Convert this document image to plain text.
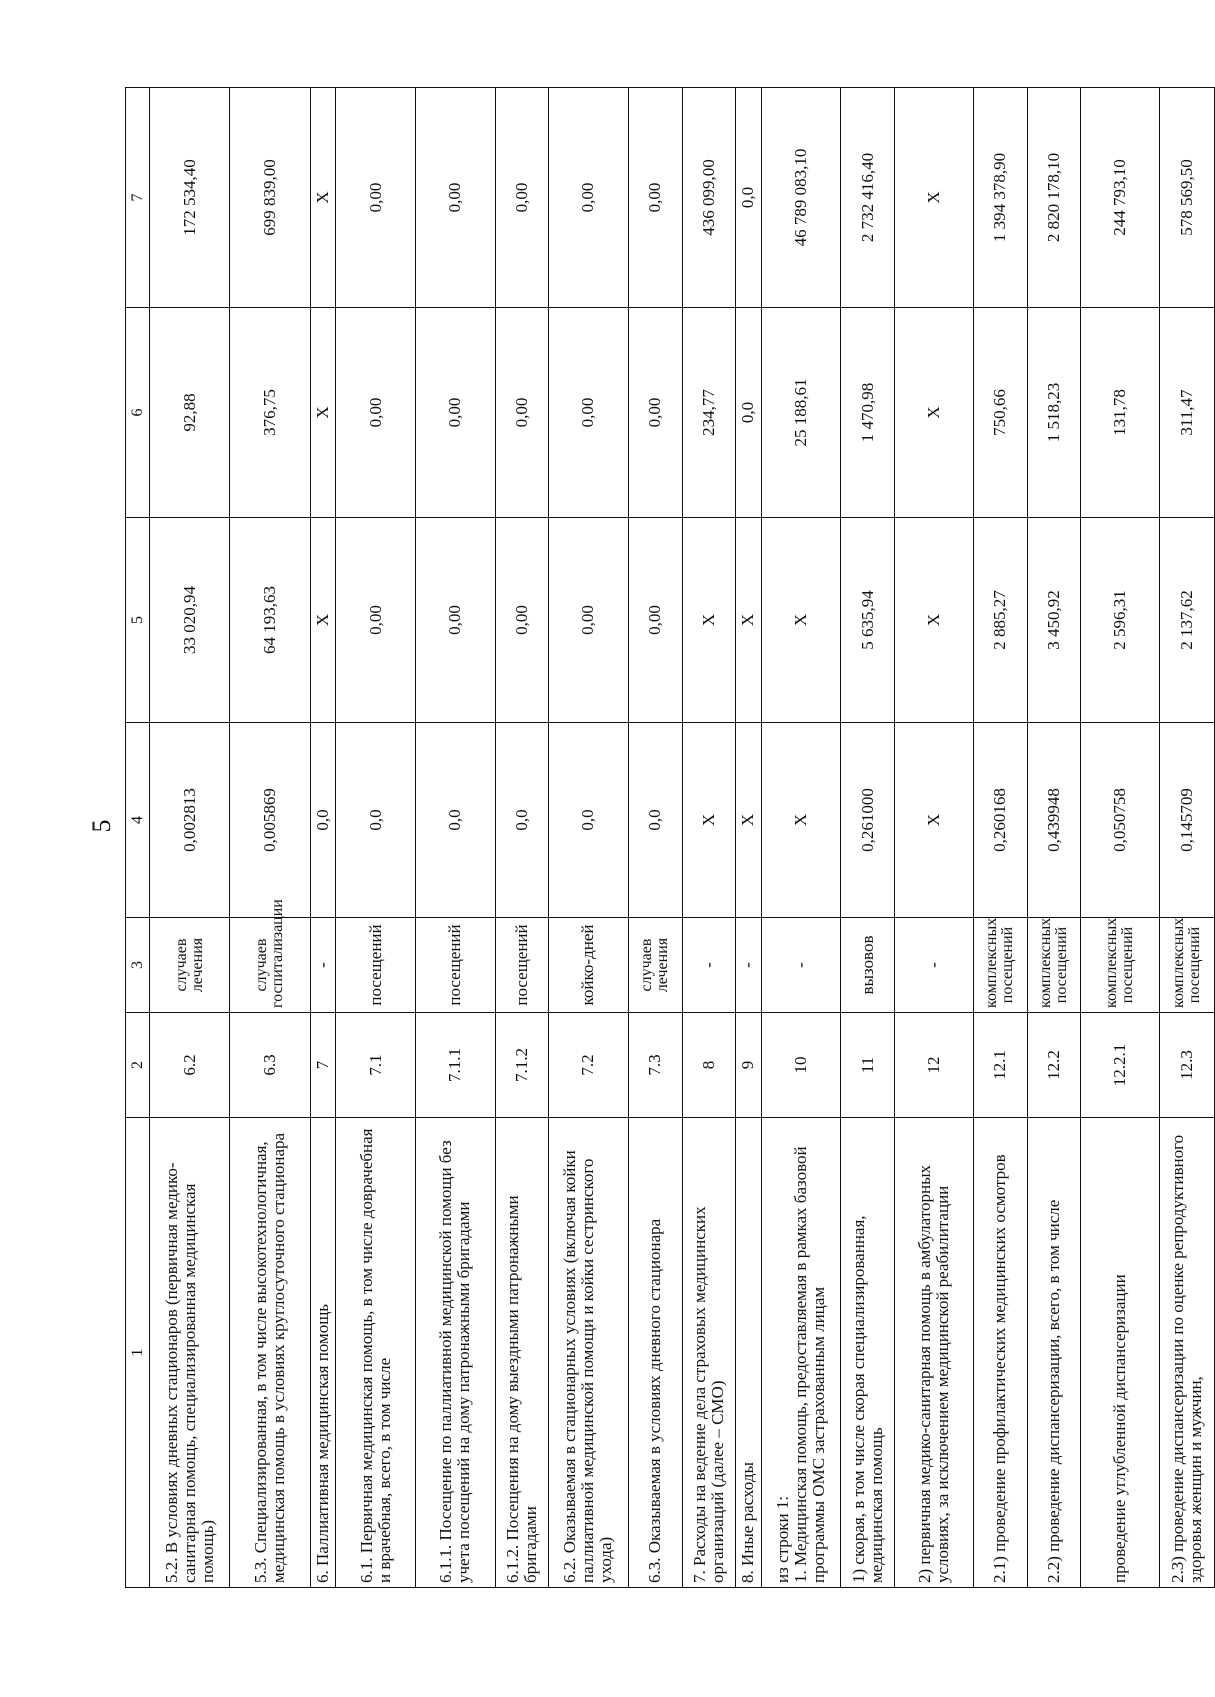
5
1	2	3	4	5	6	7
5.2. В условиях дневных стационаров (первичная медико-санитарная помощь, специализированная медицинская помощь)	6.2	случаев лечения	0,002813	33 020,94	92,88	172 534,40
5.3. Специализированная, в том числе высокотехнологичная, медицинская помощь в условиях круглосуточного стационара	6.3	случаев госпитализации	0,005869	64 193,63	376,75	699 839,00
6. Паллиативная медицинская помощь	7	-	0,0	X	X	X
6.1. Первичная медицинская помощь, в том числе доврачебная и врачебная, всего, в том числе	7.1	посещений	0,0	0,00	0,00	0,00
6.1.1. Посещение по паллиативной медицинской помощи без учета посещений на дому патронажными бригадами	7.1.1	посещений	0,0	0,00	0,00	0,00
6.1.2. Посещения на дому выездными патронажными бригадами	7.1.2	посещений	0,0	0,00	0,00	0,00
6.2. Оказываемая в стационарных условиях (включая койки паллиативной медицинской помощи и койки сестринского ухода)	7.2	койко-дней	0,0	0,00	0,00	0,00
6.3. Оказываемая в условиях дневного стационара	7.3	случаев лечения	0,0	0,00	0,00	0,00
7. Расходы на ведение дела страховых медицинских организаций (далее – СМО)	8	-	X	X	234,77	436 099,00
8. Иные расходы	9	-	X	X	0,0	0,0
из строки 1:
1. Медицинская помощь, предоставляемая в рамках базовой программы ОМС застрахованным лицам	10	-	X	X	25 188,61	46 789 083,10
1) скорая, в том числе скорая специализированная, медицинская помощь	11	вызовов	0,261000	5 635,94	1 470,98	2 732 416,40
2) первичная медико-санитарная помощь в амбулаторных условиях, за исключением медицинской реабилитации	12	-	X	X	X	X
2.1) проведение профилактических медицинских осмотров	12.1	комплексных посещений	0,260168	2 885,27	750,66	1 394 378,90
2.2) проведение диспансеризации, всего, в том числе	12.2	комплексных посещений	0,439948	3 450,92	1 518,23	2 820 178,10
проведение углубленной диспансеризации	12.2.1	комплексных посещений	0,050758	2 596,31	131,78	244 793,10
2.3) проведение диспансеризации по оценке репродуктивного здоровья женщин и мужчин,	12.3	комплексных посещений	0,145709	2 137,62	311,47	578 569,50
